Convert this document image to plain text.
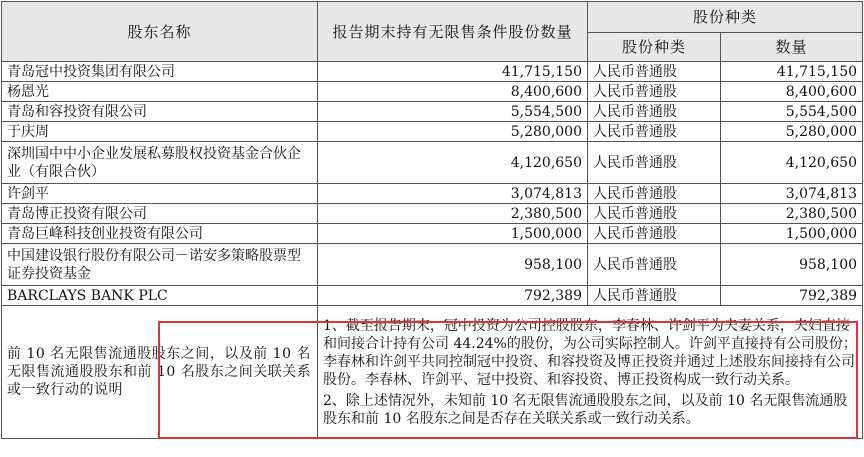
股东名称	报告期末持有无限售条件股份数量	股份种类	
		股份种类	数量
青岛冠中投资集团有限公司	41,715,150	人民币普通股	41,715,150
杨恩光	8,400,600	人民币普通股	8,400,600
青岛和容投资有限公司	5,554,500	人民币普通股	5,554,500
于庆周	5,280,000	人民币普通股	5,280,000
深圳国中中小企业发展私募股权投资基金合伙企业（有限合伙）	4,120,650	人民币普通股	4,120,650
许剑平	3,074,813	人民币普通股	3,074,813
青岛博正投资有限公司	2,380,500	人民币普通股	2,380,500
青岛巨峰科技创业投资有限公司	1,500,000	人民币普通股	1,500,000
中国建设银行股份有限公司－诺安多策略股票型证券投资基金	958,100	人民币普通股	958,100
BARCLAYS BANK PLC	792,389	人民币普通股	792,389
前 10 名无限售流通股股东之间，以及前 10 名无限售流通股股东和前 10 名股东之间关联关系或一致行动的说明	1、截至报告期末，冠中投资为公司控股股东，李春林、许剑平为夫妻关系，夫妇直接和间接合计持有公司 44.24%的股份，为公司实际控制人。许剑平直接持有公司股份；李春林和许剑平共同控制冠中投资、和容投资及博正投资并通过上述股东间接持有公司股份。李春林、许剑平、冠中投资、和容投资、博正投资构成一致行动关系。

2、除上述情况外，未知前 10 名无限售流通股股东之间，以及前 10 名无限售流通股股东和前 10 名股东之间是否存在关联关系或一致行动关系。		
